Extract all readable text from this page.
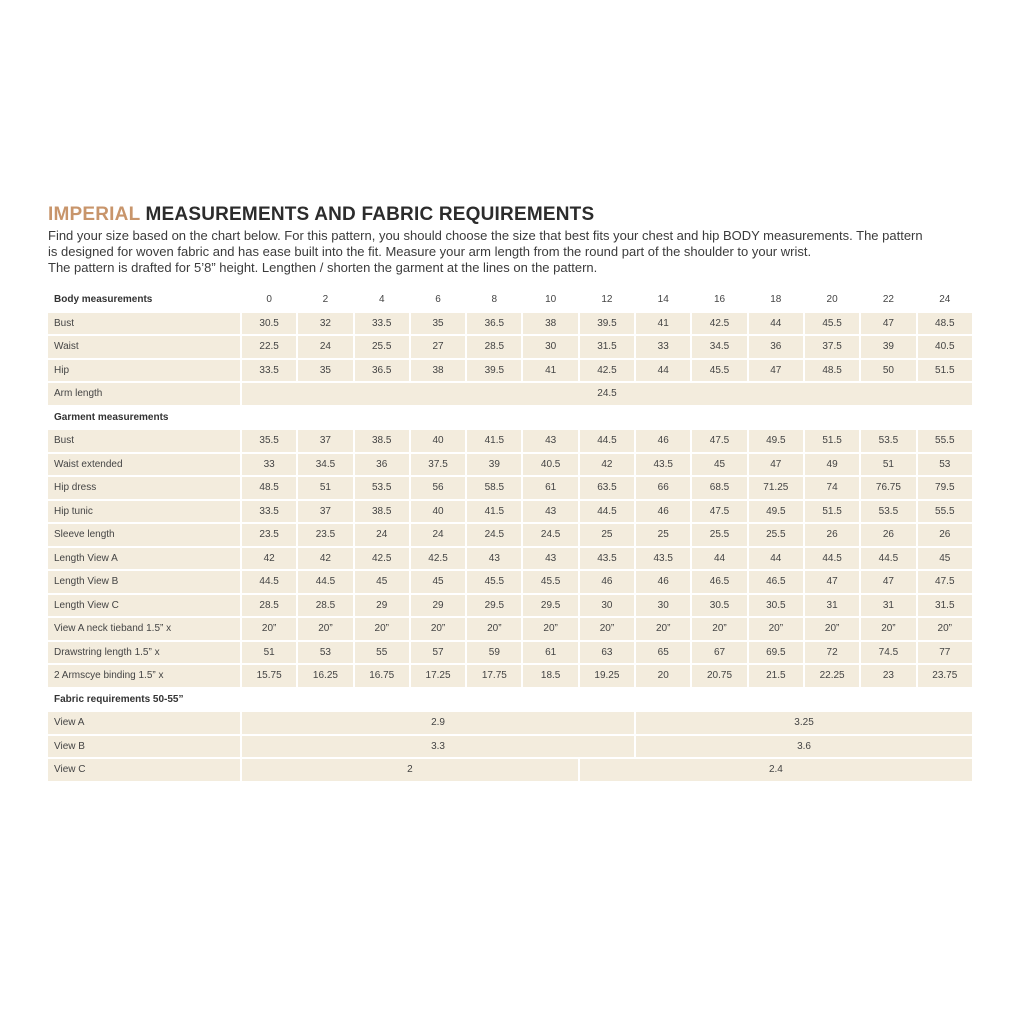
IMPERIAL MEASUREMENTS AND FABRIC REQUIREMENTS
Find your size based on the chart below. For this pattern, you should choose the size that best fits your chest and hip BODY measurements. The pattern
is designed for woven fabric and has ease built into the fit. Measure your arm length from the round part of the shoulder to your wrist.
The pattern is drafted for 5’8” height. Lengthen / shorten the garment at the lines on the pattern.
Body measurements	0	2	4	6	8	10	12	14	16	18	20	22	24
Bust	30.5	32	33.5	35	36.5	38	39.5	41	42.5	44	45.5	47	48.5
Waist	22.5	24	25.5	27	28.5	30	31.5	33	34.5	36	37.5	39	40.5
Hip	33.5	35	36.5	38	39.5	41	42.5	44	45.5	47	48.5	50	51.5
Arm length	24.5												
Garment measurements													
Bust	35.5	37	38.5	40	41.5	43	44.5	46	47.5	49.5	51.5	53.5	55.5
Waist extended	33	34.5	36	37.5	39	40.5	42	43.5	45	47	49	51	53
Hip dress	48.5	51	53.5	56	58.5	61	63.5	66	68.5	71.25	74	76.75	79.5
Hip tunic	33.5	37	38.5	40	41.5	43	44.5	46	47.5	49.5	51.5	53.5	55.5
Sleeve length	23.5	23.5	24	24	24.5	24.5	25	25	25.5	25.5	26	26	26
Length View A	42	42	42.5	42.5	43	43	43.5	43.5	44	44	44.5	44.5	45
Length View B	44.5	44.5	45	45	45.5	45.5	46	46	46.5	46.5	47	47	47.5
Length View C	28.5	28.5	29	29	29.5	29.5	30	30	30.5	30.5	31	31	31.5
View A neck tieband 1.5” x	20”	20”	20”	20”	20”	20”	20”	20”	20”	20”	20”	20”	20”
Drawstring length 1.5” x	51	53	55	57	59	61	63	65	67	69.5	72	74.5	77
2 Armscye binding 1.5” x	15.75	16.25	16.75	17.25	17.75	18.5	19.25	20	20.75	21.5	22.25	23	23.75
Fabric requirements 50-55”													
View A	2.9							3.25					
View B	3.3							3.6					
View C	2						2.4						
